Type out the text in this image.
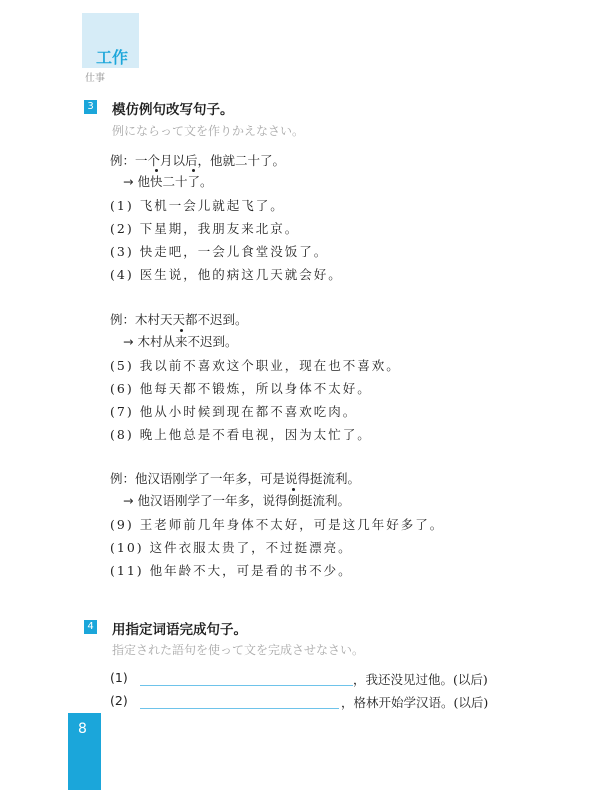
工作
仕事
3 模仿例句改写句子。
例にならって文を作りかえなさい。
例：一个月以后，他就二十了。
→ 他快二十了。
(1) 飞机一会儿就起飞了。
(2) 下星期，我朋友来北京。
(3) 快走吧，一会儿食堂没饭了。
(4) 医生说，他的病这几天就会好。
例：木村天天都不迟到。
→ 木村从来不迟到。
(5) 我以前不喜欢这个职业，现在也不喜欢。
(6) 他每天都不锻炼，所以身体不太好。
(7) 他从小时候到现在都不喜欢吃肉。
(8) 晚上他总是不看电视，因为太忙了。
例：他汉语刚学了一年多，可是说得挺流利。
→ 他汉语刚学了一年多，说得倒挺流利。
(9) 王老师前几年身体不太好，可是这几年好多了。
(10) 这件衣服太贵了，不过挺漂亮。
(11) 他年龄不大，可是看的书不少。
4 用指定词语完成句子。
指定された語句を使って文を完成させなさい。
(1)	，我还没见过他。(以后)
(2)	，格林开始学汉语。(以后)
8
